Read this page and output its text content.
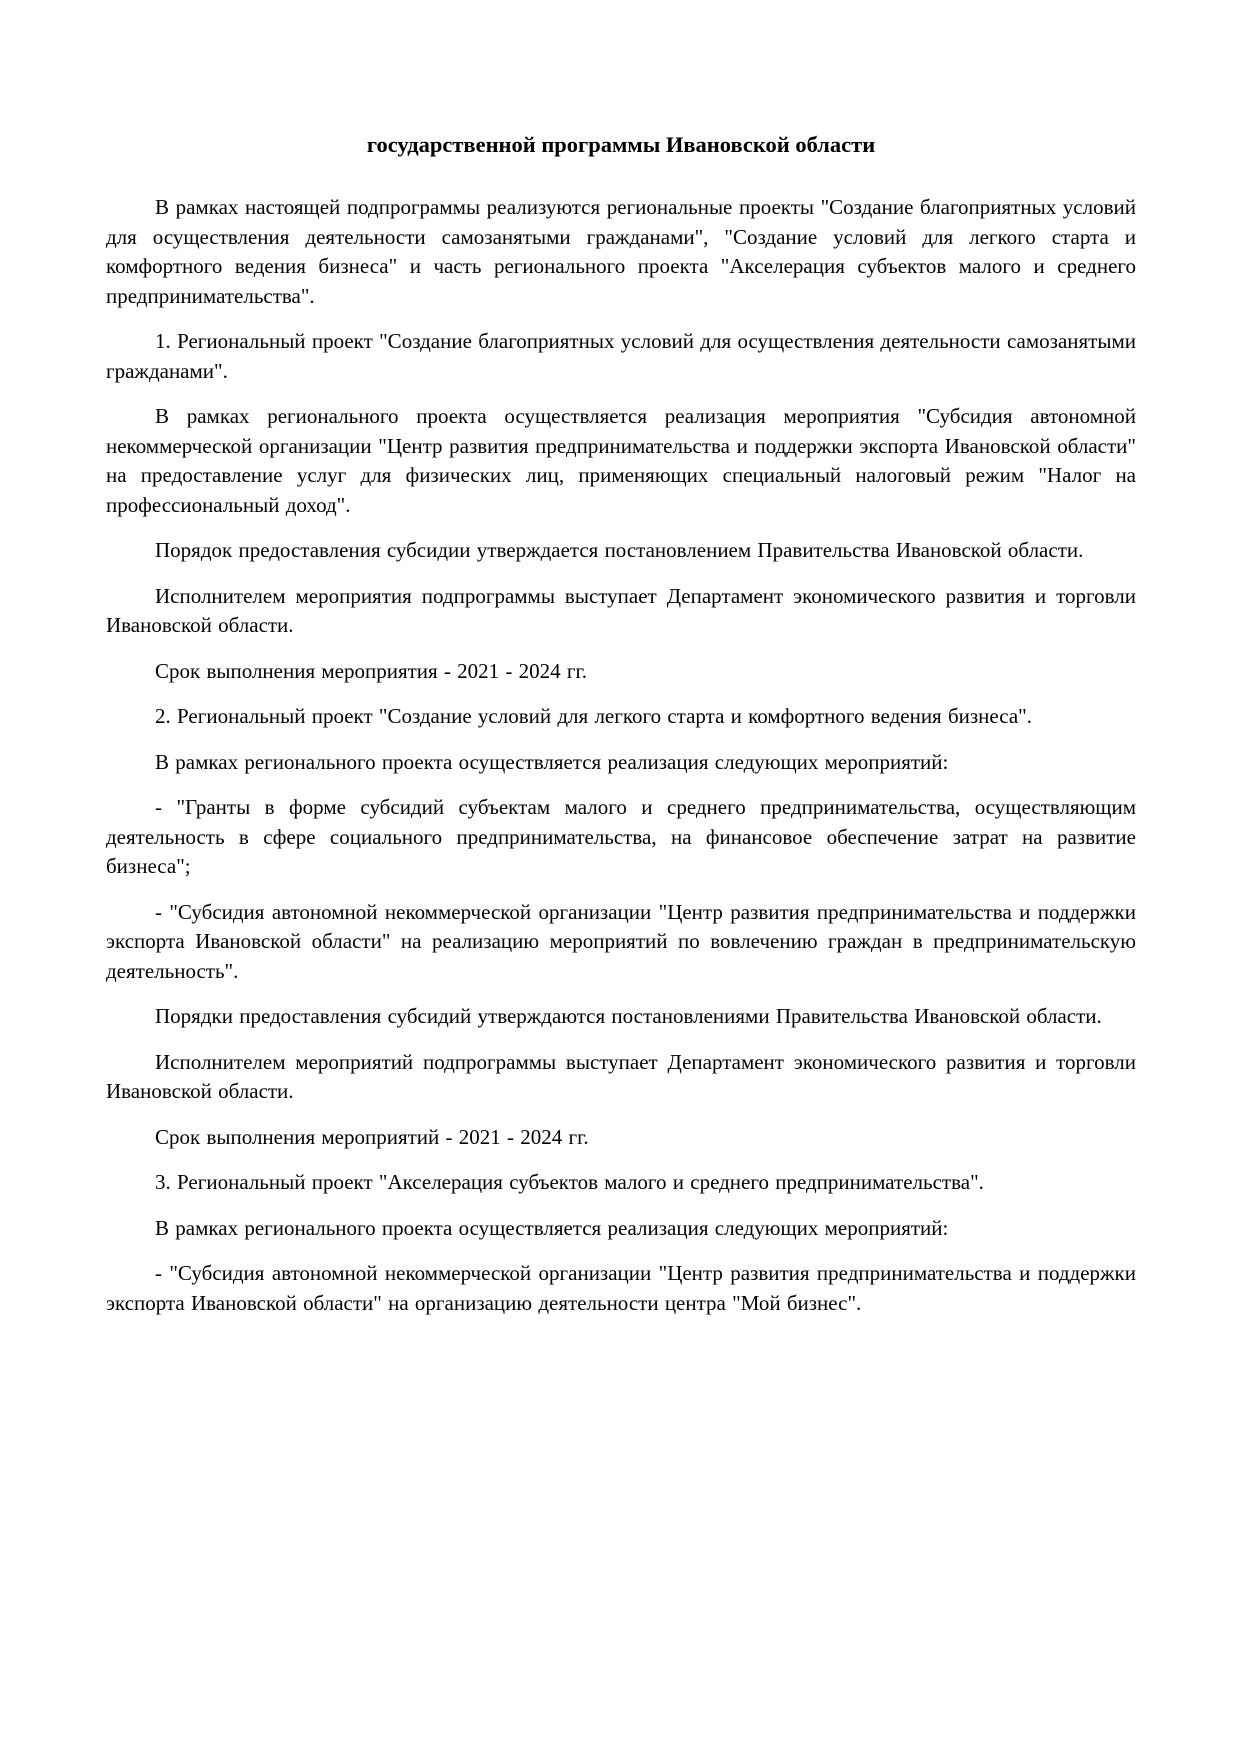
государственной программы Ивановской области

В рамках настоящей подпрограммы реализуются региональные проекты "Создание благоприятных условий для осуществления деятельности самозанятыми гражданами", "Создание условий для легкого старта и комфортного ведения бизнеса" и часть регионального проекта "Акселерация субъектов малого и среднего предпринимательства".

1. Региональный проект "Создание благоприятных условий для осуществления деятельности самозанятыми гражданами".

В рамках регионального проекта осуществляется реализация мероприятия "Субсидия автономной некоммерческой организации "Центр развития предпринимательства и поддержки экспорта Ивановской области" на предоставление услуг для физических лиц, применяющих специальный налоговый режим "Налог на профессиональный доход".

Порядок предоставления субсидии утверждается постановлением Правительства Ивановской области.

Исполнителем мероприятия подпрограммы выступает Департамент экономического развития и торговли Ивановской области.

Срок выполнения мероприятия - 2021 - 2024 гг.

2. Региональный проект "Создание условий для легкого старта и комфортного ведения бизнеса".

В рамках регионального проекта осуществляется реализация следующих мероприятий:

- "Гранты в форме субсидий субъектам малого и среднего предпринимательства, осуществляющим деятельность в сфере социального предпринимательства, на финансовое обеспечение затрат на развитие бизнеса";

- "Субсидия автономной некоммерческой организации "Центр развития предпринимательства и поддержки экспорта Ивановской области" на реализацию мероприятий по вовлечению граждан в предпринимательскую деятельность".

Порядки предоставления субсидий утверждаются постановлениями Правительства Ивановской области.

Исполнителем мероприятий подпрограммы выступает Департамент экономического развития и торговли Ивановской области.

Срок выполнения мероприятий - 2021 - 2024 гг.

3. Региональный проект "Акселерация субъектов малого и среднего предпринимательства".

В рамках регионального проекта осуществляется реализация следующих мероприятий:

- "Субсидия автономной некоммерческой организации "Центр развития предпринимательства и поддержки экспорта Ивановской области" на организацию деятельности центра "Мой бизнес".
